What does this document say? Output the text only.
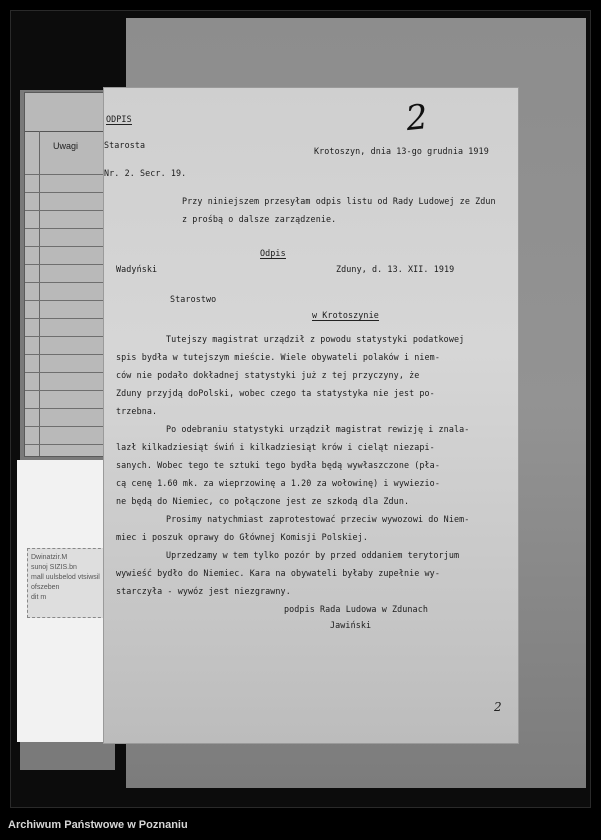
Uwagi
Dwinatzir.M
sunoj SIZIS.bn
mall uulsbelod vtsiwsil
ofszeben
dit m
ODPIS
Starosta
Nr. 2. Secr. 19.
Krotoszyn, dnia 13-go grudnia 1919
Przy niniejszem przesyłam odpis listu od Rady Ludowej ze Zdun
z prośbą o dalsze zarządzenie.
Odpis
Wadyński	Zduny, d. 13. XII. 1919
Starostwo
w Krotoszynie
Tutejszy magistrat urządził z powodu statystyki podatkowej
spis bydła w tutejszym mieście. Wiele obywateli polaków i niem-
ców nie podało dokładnej statystyki już z tej przyczyny, że
Zduny przyjdą doPolski, wobec czego ta statystyka nie jest po-
trzebna.
Po odebraniu statystyki urządził magistrat rewizję i znala-
lazł kilkadziesiąt świń i kilkadziesiąt krów i cieląt niezapi-
sanych. Wobec tego te sztuki tego bydła będą wywłaszczone (pła-
cą cenę 1.60 mk. za wieprzowinę a 1.20 za wołowinę) i wywiezio-
ne będą do Niemiec, co połączone jest ze szkodą dla Zdun.
Prosimy natychmiast zaprotestować przeciw wywozowi do Niem-
miec i poszuk oprawy do Głównej Komisji Polskiej.
Uprzedzamy w tem tylko pozór by przed oddaniem terytorjum
wywieść bydło do Niemiec. Kara na obywateli byłaby zupełnie wy-
starczyła - wywóz jest niezgrawny.
podpis Rada Ludowa w Zdunach
Jawiński
2
2
Archiwum Państwowe w Poznaniu
